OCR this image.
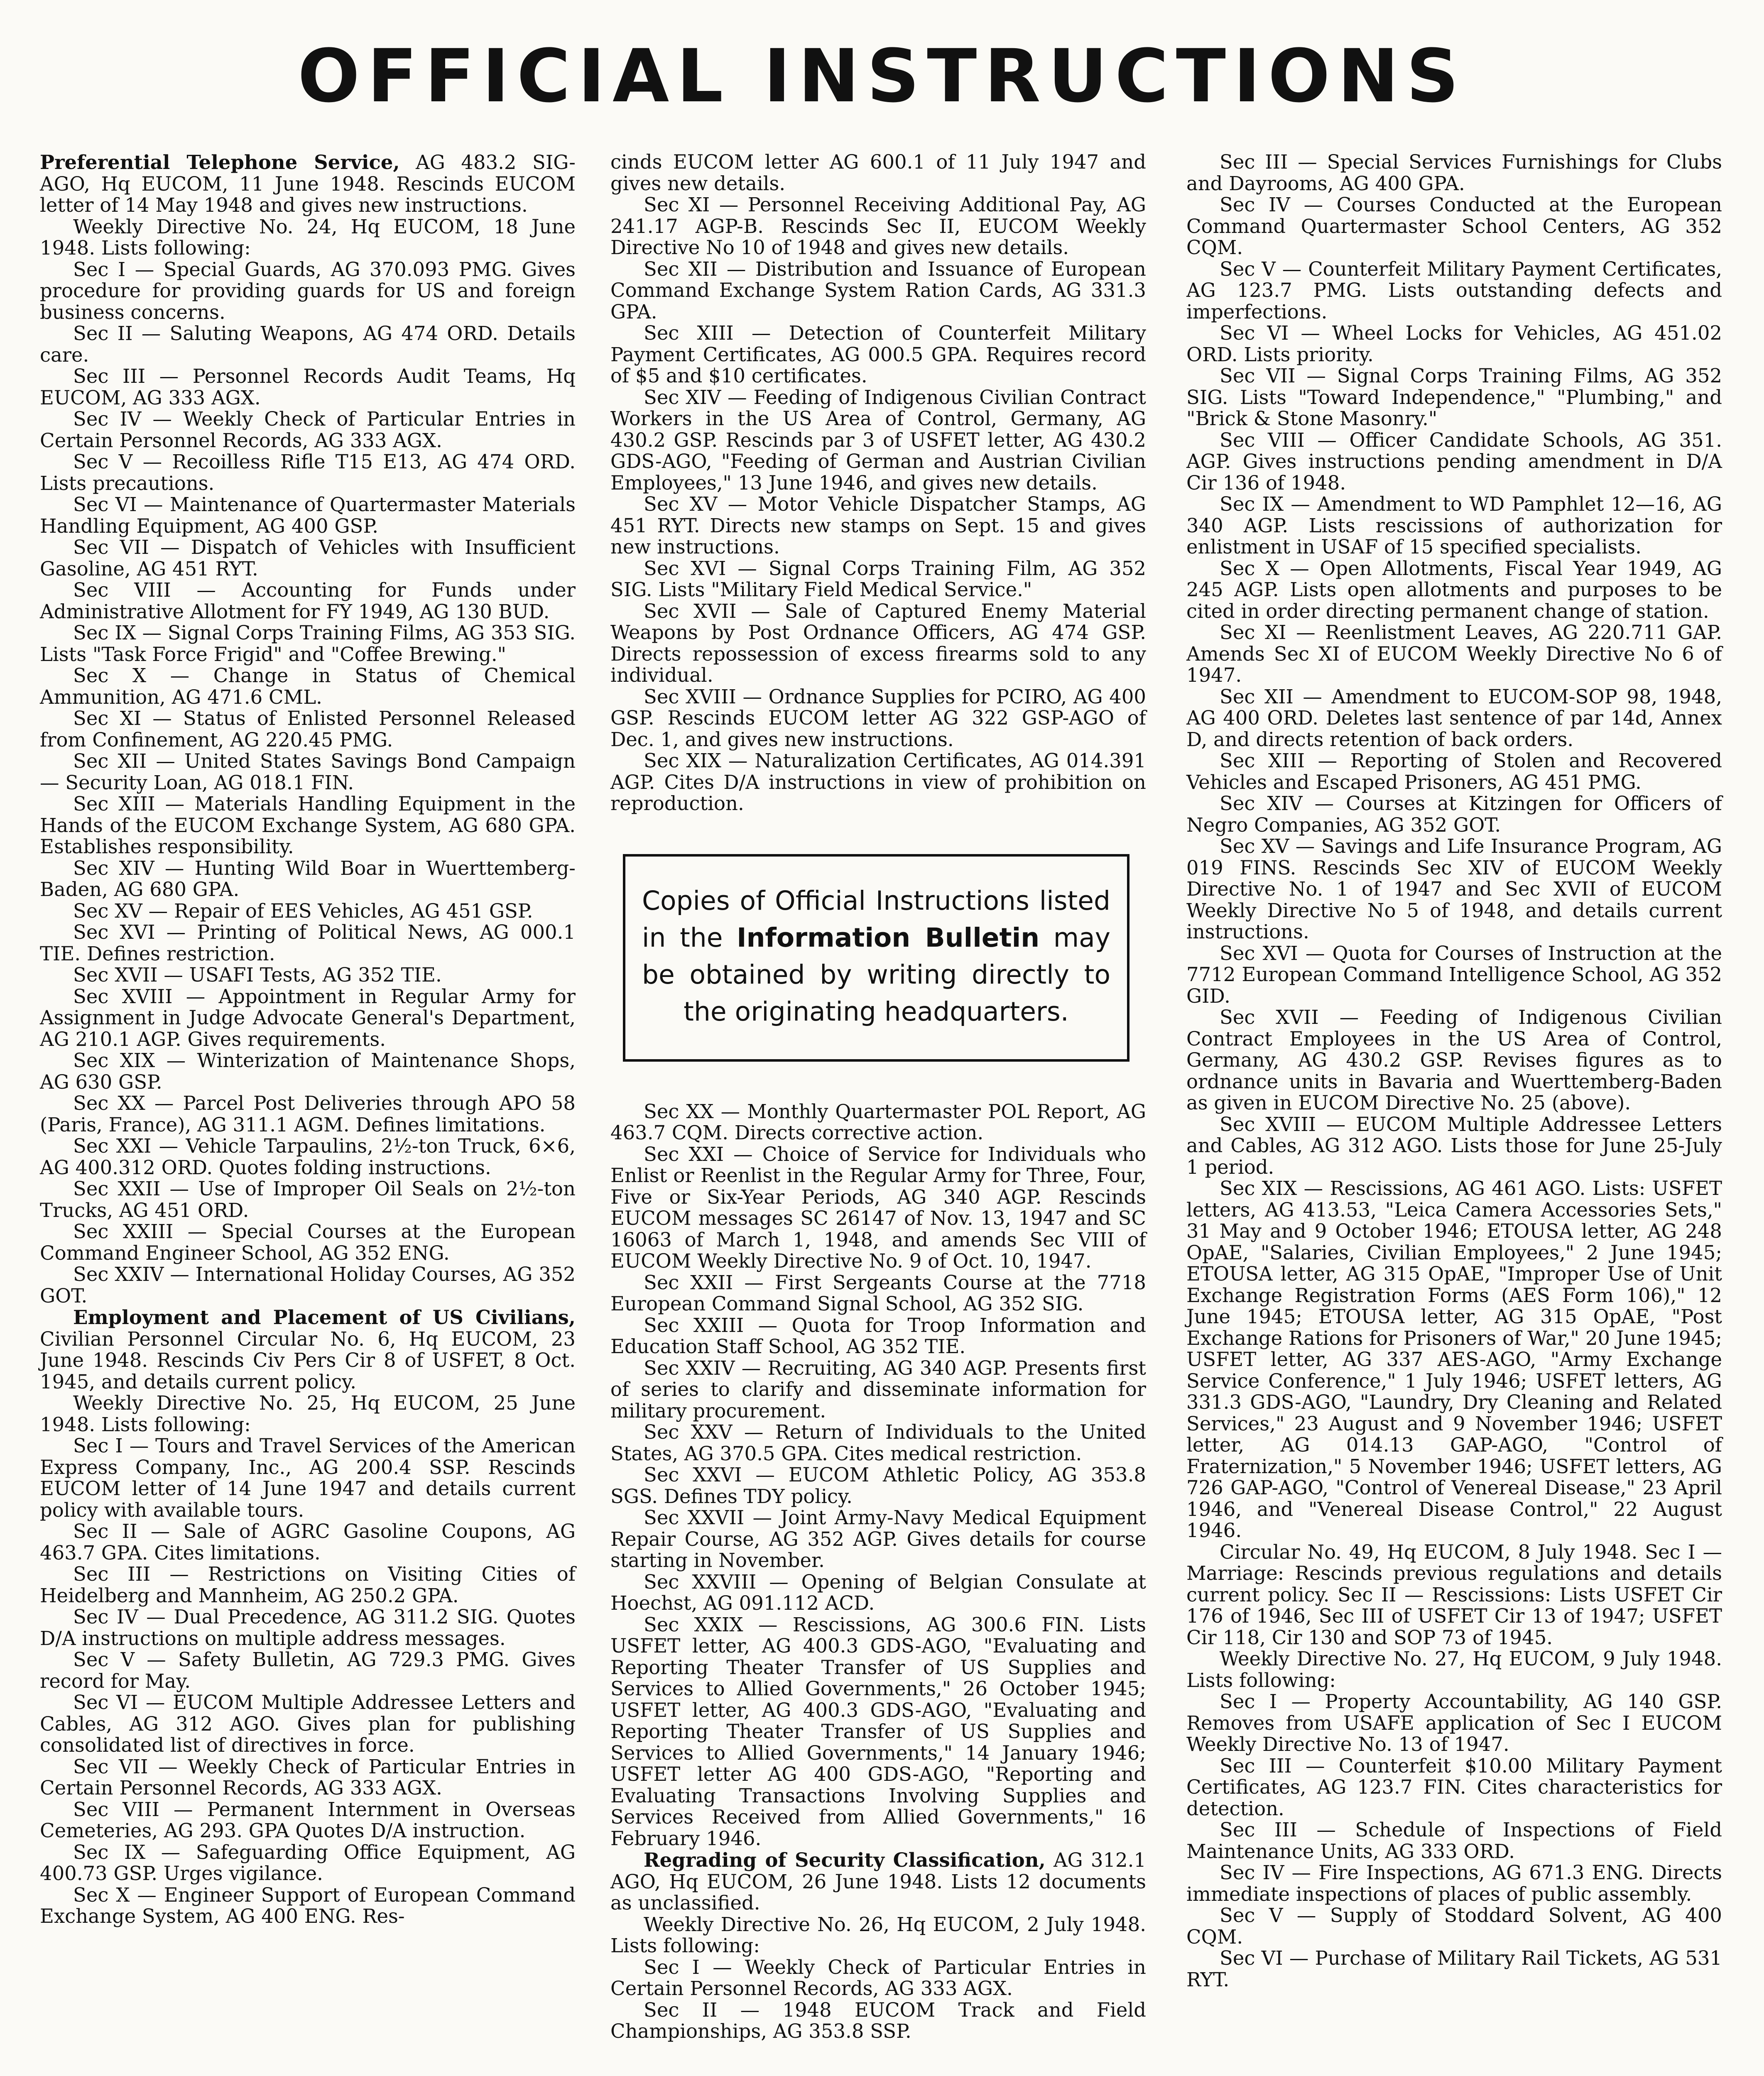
OFFICIAL INSTRUCTIONS

Preferential Telephone Service, AG 483.2 SIG-AGO, Hq EUCOM, 11 June 1948. Rescinds EUCOM letter of 14 May 1948 and gives new instructions.

Weekly Directive No. 24, Hq EUCOM, 18 June 1948. Lists following:

Sec I — Special Guards, AG 370.093 PMG. Gives procedure for providing guards for US and foreign business concerns.

Sec II — Saluting Weapons, AG 474 ORD. Details care.

Sec III — Personnel Records Audit Teams, Hq EUCOM, AG 333 AGX.

Sec IV — Weekly Check of Particular Entries in Certain Personnel Records, AG 333 AGX.

Sec V — Recoilless Rifle T15 E13, AG 474 ORD. Lists precautions.

Sec VI — Maintenance of Quartermaster Materials Handling Equipment, AG 400 GSP.

Sec VII — Dispatch of Vehicles with Insufficient Gasoline, AG 451 RYT.

Sec VIII — Accounting for Funds under Administrative Allotment for FY 1949, AG 130 BUD.

Sec IX — Signal Corps Training Films, AG 353 SIG. Lists "Task Force Frigid" and "Coffee Brewing."

Sec X — Change in Status of Chemical Ammunition, AG 471.6 CML.

Sec XI — Status of Enlisted Personnel Released from Confinement, AG 220.45 PMG.

Sec XII — United States Savings Bond Campaign — Security Loan, AG 018.1 FIN.

Sec XIII — Materials Handling Equipment in the Hands of the EUCOM Exchange System, AG 680 GPA. Establishes responsibility.

Sec XIV — Hunting Wild Boar in Wuerttemberg-Baden, AG 680 GPA.

Sec XV — Repair of EES Vehicles, AG 451 GSP.

Sec XVI — Printing of Political News, AG 000.1 TIE. Defines restriction.

Sec XVII — USAFI Tests, AG 352 TIE.

Sec XVIII — Appointment in Regular Army for Assignment in Judge Advocate General's Department, AG 210.1 AGP. Gives requirements.

Sec XIX — Winterization of Maintenance Shops, AG 630 GSP.

Sec XX — Parcel Post Deliveries through APO 58 (Paris, France), AG 311.1 AGM. Defines limitations.

Sec XXI — Vehicle Tarpaulins, 2½-ton Truck, 6×6, AG 400.312 ORD. Quotes folding instructions.

Sec XXII — Use of Improper Oil Seals on 2½-ton Trucks, AG 451 ORD.

Sec XXIII — Special Courses at the European Command Engineer School, AG 352 ENG.

Sec XXIV — International Holiday Courses, AG 352 GOT.

Employment and Placement of US Civilians, Civilian Personnel Circular No. 6, Hq EUCOM, 23 June 1948. Rescinds Civ Pers Cir 8 of USFET, 8 Oct. 1945, and details current policy.

Weekly Directive No. 25, Hq EUCOM, 25 June 1948. Lists following:

Sec I — Tours and Travel Services of the American Express Company, Inc., AG 200.4 SSP. Rescinds EUCOM letter of 14 June 1947 and details current policy with available tours.

Sec II — Sale of AGRC Gasoline Coupons, AG 463.7 GPA. Cites limitations.

Sec III — Restrictions on Visiting Cities of Heidelberg and Mannheim, AG 250.2 GPA.

Sec IV — Dual Precedence, AG 311.2 SIG. Quotes D/A instructions on multiple address messages.

Sec V — Safety Bulletin, AG 729.3 PMG. Gives record for May.

Sec VI — EUCOM Multiple Addressee Letters and Cables, AG 312 AGO. Gives plan for publishing consolidated list of directives in force.

Sec VII — Weekly Check of Particular Entries in Certain Personnel Records, AG 333 AGX.

Sec VIII — Permanent Internment in Overseas Cemeteries, AG 293. GPA Quotes D/A instruction.

Sec IX — Safeguarding Office Equipment, AG 400.73 GSP. Urges vigilance.

Sec X — Engineer Support of European Command Exchange System, AG 400 ENG. Res-

cinds EUCOM letter AG 600.1 of 11 July 1947 and gives new details.

Sec XI — Personnel Receiving Additional Pay, AG 241.17 AGP-B. Rescinds Sec II, EUCOM Weekly Directive No 10 of 1948 and gives new details.

Sec XII — Distribution and Issuance of European Command Exchange System Ration Cards, AG 331.3 GPA.

Sec XIII — Detection of Counterfeit Military Payment Certificates, AG 000.5 GPA. Requires record of $5 and $10 certificates.

Sec XIV — Feeding of Indigenous Civilian Contract Workers in the US Area of Control, Germany, AG 430.2 GSP. Rescinds par 3 of USFET letter, AG 430.2 GDS-AGO, "Feeding of German and Austrian Civilian Employees," 13 June 1946, and gives new details.

Sec XV — Motor Vehicle Dispatcher Stamps, AG 451 RYT. Directs new stamps on Sept. 15 and gives new instructions.

Sec XVI — Signal Corps Training Film, AG 352 SIG. Lists "Military Field Medical Service."

Sec XVII — Sale of Captured Enemy Material Weapons by Post Ordnance Officers, AG 474 GSP. Directs repossession of excess firearms sold to any individual.

Sec XVIII — Ordnance Supplies for PCIRO, AG 400 GSP. Rescinds EUCOM letter AG 322 GSP-AGO of Dec. 1, and gives new instructions.

Sec XIX — Naturalization Certificates, AG 014.391 AGP. Cites D/A instructions in view of prohibition on reproduction.

Copies of Official Instructions listed in the Information Bulletin may be obtained by writing directly to the originating headquarters.

Sec XX — Monthly Quartermaster POL Report, AG 463.7 CQM. Directs corrective action.

Sec XXI — Choice of Service for Individuals who Enlist or Reenlist in the Regular Army for Three, Four, Five or Six-Year Periods, AG 340 AGP. Rescinds EUCOM messages SC 26147 of Nov. 13, 1947 and SC 16063 of March 1, 1948, and amends Sec VIII of EUCOM Weekly Directive No. 9 of Oct. 10, 1947.

Sec XXII — First Sergeants Course at the 7718 European Command Signal School, AG 352 SIG.

Sec XXIII — Quota for Troop Information and Education Staff School, AG 352 TIE.

Sec XXIV — Recruiting, AG 340 AGP. Presents first of series to clarify and disseminate information for military procurement.

Sec XXV — Return of Individuals to the United States, AG 370.5 GPA. Cites medical restriction.

Sec XXVI — EUCOM Athletic Policy, AG 353.8 SGS. Defines TDY policy.

Sec XXVII — Joint Army-Navy Medical Equipment Repair Course, AG 352 AGP. Gives details for course starting in November.

Sec XXVIII — Opening of Belgian Consulate at Hoechst, AG 091.112 ACD.

Sec XXIX — Rescissions, AG 300.6 FIN. Lists USFET letter, AG 400.3 GDS-AGO, "Evaluating and Reporting Theater Transfer of US Supplies and Services to Allied Governments," 26 October 1945; USFET letter, AG 400.3 GDS-AGO, "Evaluating and Reporting Theater Transfer of US Supplies and Services to Allied Governments," 14 January 1946; USFET letter AG 400 GDS-AGO, "Reporting and Evaluating Transactions Involving Supplies and Services Received from Allied Governments," 16 February 1946.

Regrading of Security Classification, AG 312.1 AGO, Hq EUCOM, 26 June 1948. Lists 12 documents as unclassified.

Weekly Directive No. 26, Hq EUCOM, 2 July 1948. Lists following:

Sec I — Weekly Check of Particular Entries in Certain Personnel Records, AG 333 AGX.

Sec II — 1948 EUCOM Track and Field Championships, AG 353.8 SSP.

Sec III — Special Services Furnishings for Clubs and Dayrooms, AG 400 GPA.

Sec IV — Courses Conducted at the European Command Quartermaster School Centers, AG 352 CQM.

Sec V — Counterfeit Military Payment Certificates, AG 123.7 PMG. Lists outstanding defects and imperfections.

Sec VI — Wheel Locks for Vehicles, AG 451.02 ORD. Lists priority.

Sec VII — Signal Corps Training Films, AG 352 SIG. Lists "Toward Independence," "Plumbing," and "Brick & Stone Masonry."

Sec VIII — Officer Candidate Schools, AG 351. AGP. Gives instructions pending amendment in D/A Cir 136 of 1948.

Sec IX — Amendment to WD Pamphlet 12—16, AG 340 AGP. Lists rescissions of authorization for enlistment in USAF of 15 specified specialists.

Sec X — Open Allotments, Fiscal Year 1949, AG 245 AGP. Lists open allotments and purposes to be cited in order directing permanent change of station.

Sec XI — Reenlistment Leaves, AG 220.711 GAP. Amends Sec XI of EUCOM Weekly Directive No 6 of 1947.

Sec XII — Amendment to EUCOM-SOP 98, 1948, AG 400 ORD. Deletes last sentence of par 14d, Annex D, and directs retention of back orders.

Sec XIII — Reporting of Stolen and Recovered Vehicles and Escaped Prisoners, AG 451 PMG.

Sec XIV — Courses at Kitzingen for Officers of Negro Companies, AG 352 GOT.

Sec XV — Savings and Life Insurance Program, AG 019 FINS. Rescinds Sec XIV of EUCOM Weekly Directive No. 1 of 1947 and Sec XVII of EUCOM Weekly Directive No 5 of 1948, and details current instructions.

Sec XVI — Quota for Courses of Instruction at the 7712 European Command Intelligence School, AG 352 GID.

Sec XVII — Feeding of Indigenous Civilian Contract Employees in the US Area of Control, Germany, AG 430.2 GSP. Revises figures as to ordnance units in Bavaria and Wuerttemberg-Baden as given in EUCOM Directive No. 25 (above).

Sec XVIII — EUCOM Multiple Addressee Letters and Cables, AG 312 AGO. Lists those for June 25-July 1 period.

Sec XIX — Rescissions, AG 461 AGO. Lists: USFET letters, AG 413.53, "Leica Camera Accessories Sets," 31 May and 9 October 1946; ETOUSA letter, AG 248 OpAE, "Salaries, Civilian Employees," 2 June 1945; ETOUSA letter, AG 315 OpAE, "Improper Use of Unit Exchange Registration Forms (AES Form 106)," 12 June 1945; ETOUSA letter, AG 315 OpAE, "Post Exchange Rations for Prisoners of War," 20 June 1945; USFET letter, AG 337 AES-AGO, "Army Exchange Service Conference," 1 July 1946; USFET letters, AG 331.3 GDS-AGO, "Laundry, Dry Cleaning and Related Services," 23 August and 9 November 1946; USFET letter, AG 014.13 GAP-AGO, "Control of Fraternization," 5 November 1946; USFET letters, AG 726 GAP-AGO, "Control of Venereal Disease," 23 April 1946, and "Venereal Disease Control," 22 August 1946.

Circular No. 49, Hq EUCOM, 8 July 1948. Sec I — Marriage: Rescinds previous regulations and details current policy. Sec II — Rescissions: Lists USFET Cir 176 of 1946, Sec III of USFET Cir 13 of 1947; USFET Cir 118, Cir 130 and SOP 73 of 1945.

Weekly Directive No. 27, Hq EUCOM, 9 July 1948. Lists following:

Sec I — Property Accountability, AG 140 GSP. Removes from USAFE application of Sec I EUCOM Weekly Directive No. 13 of 1947.

Sec III — Counterfeit $10.00 Military Payment Certificates, AG 123.7 FIN. Cites characteristics for detection.

Sec III — Schedule of Inspections of Field Maintenance Units, AG 333 ORD.

Sec IV — Fire Inspections, AG 671.3 ENG. Directs immediate inspections of places of public assembly.

Sec V — Supply of Stoddard Solvent, AG 400 CQM.

Sec VI — Purchase of Military Rail Tickets, AG 531 RYT.
